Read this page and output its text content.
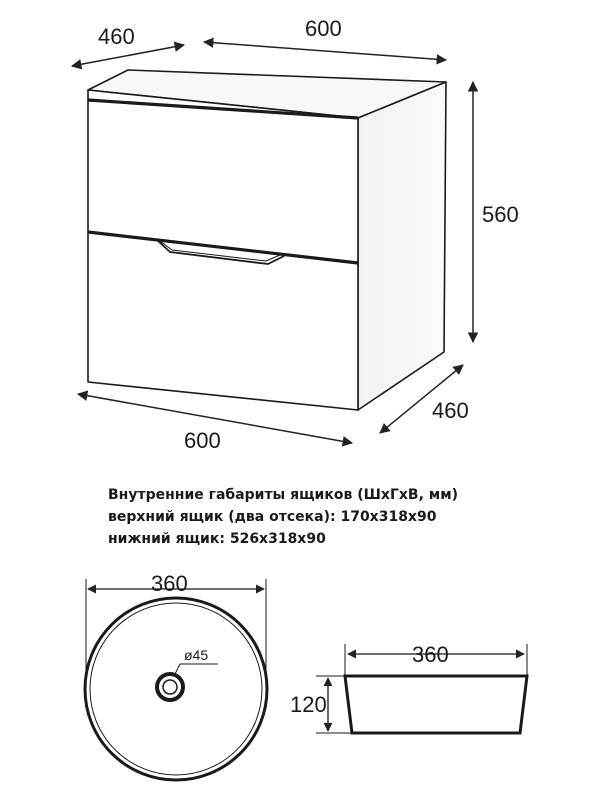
460	600
560
460
600
360
ø45	360
120
Внутренние габариты ящиков (ШхГхВ, мм)
верхний ящик (два отсека): 170х318х90
нижний ящик: 526х318х90
